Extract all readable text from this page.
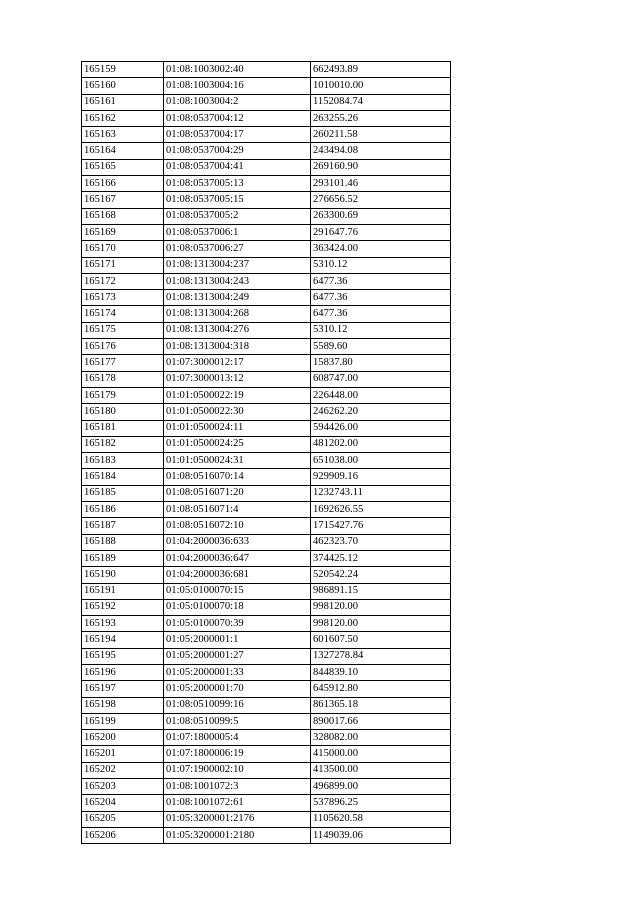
165159	01:08:1003002:40	662493.89
165160	01:08:1003004:16	1010010.00
165161	01:08:1003004:2	1152084.74
165162	01:08:0537004:12	263255.26
165163	01:08:0537004:17	260211.58
165164	01:08:0537004:29	243494.08
165165	01:08:0537004:41	269160.90
165166	01:08:0537005:13	293101.46
165167	01:08:0537005:15	276656.52
165168	01:08:0537005:2	263300.69
165169	01:08:0537006:1	291647.76
165170	01:08:0537006:27	363424.00
165171	01:08:1313004:237	5310.12
165172	01:08:1313004:243	6477.36
165173	01:08:1313004:249	6477.36
165174	01:08:1313004:268	6477.36
165175	01:08:1313004:276	5310.12
165176	01:08:1313004:318	5589.60
165177	01:07:3000012:17	15837.80
165178	01:07:3000013:12	608747.00
165179	01:01:0500022:19	226448.00
165180	01:01:0500022:30	246262.20
165181	01:01:0500024:11	594426.00
165182	01:01:0500024:25	481202.00
165183	01:01:0500024:31	651038.00
165184	01:08:0516070:14	929909.16
165185	01:08:0516071:20	1232743.11
165186	01:08:0516071:4	1692626.55
165187	01:08:0516072:10	1715427.76
165188	01:04:2000036:633	462323.70
165189	01:04:2000036:647	374425.12
165190	01:04:2000036:681	520542.24
165191	01:05:0100070:15	986891.15
165192	01:05:0100070:18	998120.00
165193	01:05:0100070:39	998120.00
165194	01:05:2000001:1	601607.50
165195	01:05:2000001:27	1327278.84
165196	01:05:2000001:33	844839.10
165197	01:05:2000001:70	645912.80
165198	01:08:0510099:16	861365.18
165199	01:08:0510099:5	890017.66
165200	01:07:1800005:4	328082.00
165201	01:07:1800006:19	415000.00
165202	01:07:1900002:10	413500.00
165203	01:08:1001072:3	496899.00
165204	01:08:1001072:61	537896.25
165205	01:05:3200001:2176	1105620.58
165206	01:05:3200001:2180	1149039.06
